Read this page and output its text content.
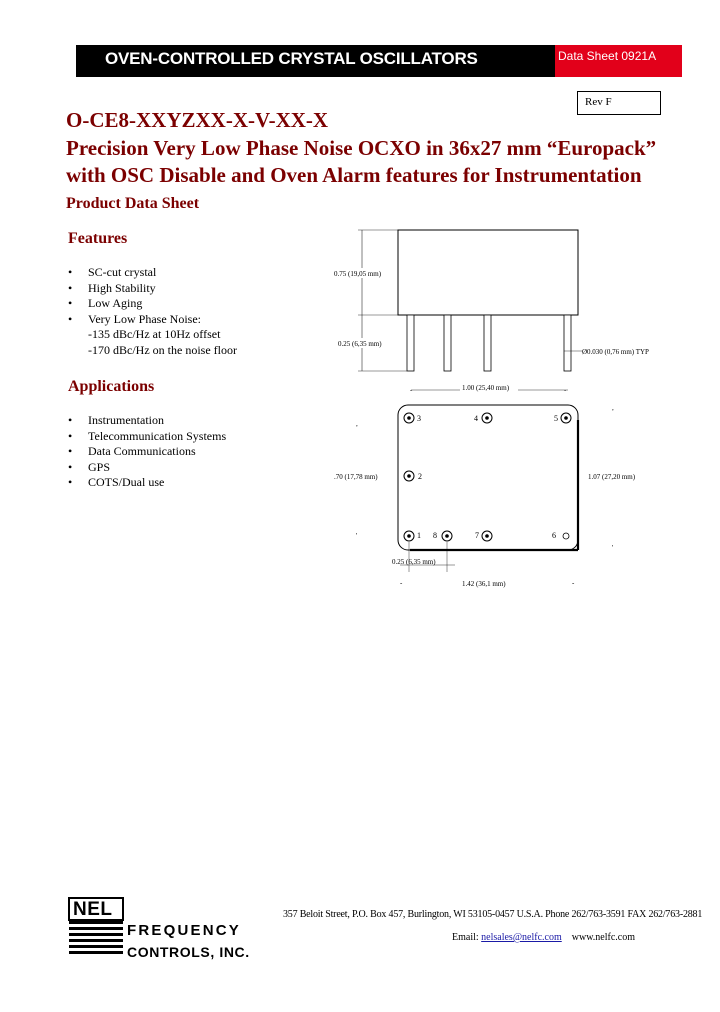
OVEN-CONTROLLED CRYSTAL OSCILLATORS	Data Sheet 0921A
Rev F
O-CE8-XXYZXX-X-V-XX-X
Precision Very Low Phase Noise OCXO in 36x27 mm “Europack”
with OSC Disable and Oven Alarm features for Instrumentation
Product Data Sheet
Features
• SC-cut crystal
• High Stability
• Low Aging
• Very Low Phase Noise:
-135 dBc/Hz at 10Hz offset
-170 dBc/Hz on the noise floor
Applications
• Instrumentation
• Telecommunication Systems
• Data Communications
• GPS
• COTS/Dual use
0.75 (19,05 mm)
0.25 (6,35 mm)
Ø0.030 (0,76 mm) TYP
-	-
1.00 (25,40 mm)
3	4	5
2
1 8	7	6
,
'
,
'
.70 (17,78 mm)	1.07 (27,20 mm)
0.25 (6,35 mm)
-	-
1.42 (36,1 mm)
NEL
FREQUENCY
CONTROLS, INC.
357 Beloit Street, P.O. Box 457, Burlington, WI 53105-0457 U.S.A. Phone 262/763-3591 FAX 262/763-2881
Email: nelsales@nelfc.com www.nelfc.com
